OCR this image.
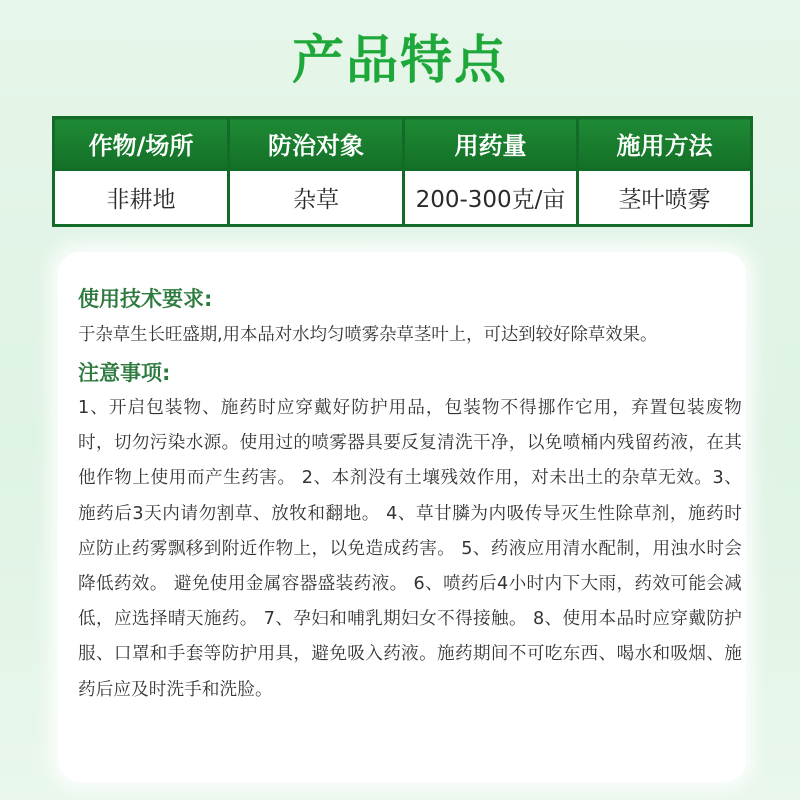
产品特点
作物/场所	防治对象	用药量	施用方法
非耕地	杂草	200-300克/亩	茎叶喷雾
使用技术要求:
于杂草生长旺盛期,用本品对水均匀喷雾杂草茎叶上，可达到较好除草效果。
注意事项:
1、开启包装物、施药时应穿戴好防护用品，包装物不得挪作它用，弃置包装废物时，切勿污染水源。使用过的喷雾器具要反复清洗干净，以免喷桶内残留药液，在其他作物上使用而产生药害。 2、本剂没有土壤残效作用，对未出土的杂草无效。3、施药后3天内请勿割草、放牧和翻地。 4、草甘膦为内吸传导灭生性除草剂，施药时应防止药雾飘移到附近作物上，以免造成药害。 5、药液应用清水配制，用浊水时会降低药效。 避免使用金属容器盛装药液。 6、喷药后4小时内下大雨，药效可能会减低，应选择晴天施药。 7、孕妇和哺乳期妇女不得接触。 8、使用本品时应穿戴防护服、口罩和手套等防护用具，避免吸入药液。施药期间不可吃东西、喝水和吸烟、施药后应及时洗手和洗脸。
